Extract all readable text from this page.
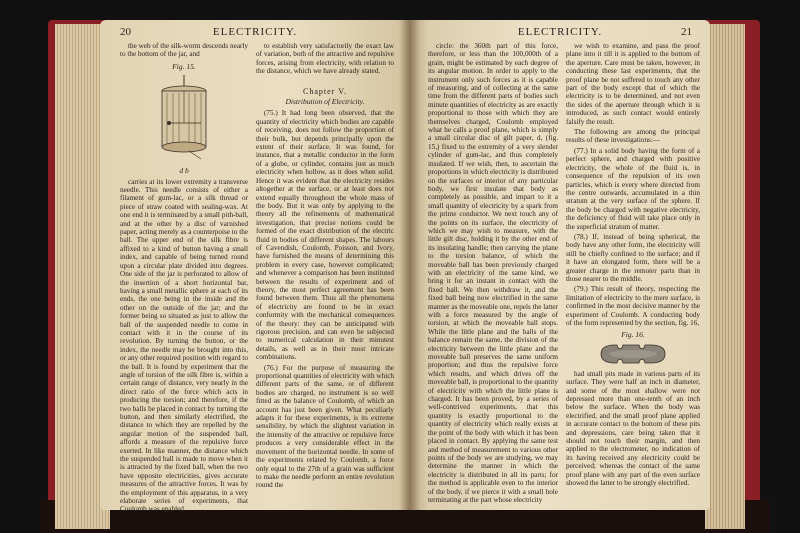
20	ELECTRICITY.

the web of the silk-worm descends nearly to the bottom of the jar, and

Fig. 15.
d b

carries at its lower extremity a transverse needle. This needle consists of either a filament of gum-lac, or a silk thread or piece of straw coated with sealing-wax. At one end it is terminated by a small pith-ball, and at the other by a disc of varnished paper, acting merely as a counterpoise to the ball. The upper end of the silk fibre is affixed to a kind of button having a small index, and capable of being turned round upon a circular plate divided into degrees. One side of the jar is perforated to allow of the insertion of a short horizontal bar, having a small metallic sphere at each of its ends, the one being in the inside and the other on the outside of the jar; and the former being so situated as just to allow the ball of the suspended needle to come in contact with it in the course of its revolution. By turning the button, or the index, the needle may be brought into this, or any other required position with regard to the ball. It is found by experiment that the angle of torsion of the silk fibre is, within a certain range of distance, very nearly in the direct ratio of the force which acts in producing the torsion; and therefore, if the two balls be placed in contact by turning the button, and then similarly electrified, the distance to which they are repelled by the angular motion of the suspended ball, affords a measure of the repulsive force exerted. In like manner, the distance which the suspended ball is made to move when it is attracted by the fixed ball, when the two have opposite electricities, gives accurate measures of the attractive forces. It was by the employment of this apparatus, in a very elaborate series of experiments, that Coulomb was enabled

to establish very satisfactorily the exact law of variation, both of the attractive and repulsive forces, arising from electricity, with relation to the distance, which we have already stated.

Chapter V.
Distribution of Electricity.

(75.) It had long been observed, that the quantity of electricity which bodies are capable of receiving, does not follow the proportion of their bulk, but depends principally upon the extent of their surface. It was found, for instance, that a metallic conductor in the form of a globe, or cylinder, contains just as much electricity when hollow, as it does when solid. Hence it was evident that the electricity resides altogether at the surface, or at least does not extend equally throughout the whole mass of the body. But it was only by applying to the theory all the refinements of mathematical investigation, that precise notions could be formed of the exact distribution of the electric fluid in bodies of different shapes. The labours of Cavendish, Coulomb, Poisson, and Ivory, have furnished the means of determining this problem in every case, however complicated; and whenever a comparison has been instituted between the results of experiment and of theory, the most perfect agreement has been found between them. Thus all the phenomena of electricity are found to be in exact conformity with the mechanical consequences of the theory: they can be anticipated with rigorous precision, and can even be subjected to numerical calculation in their minutest details, as well as in their most intricate combinations.

(76.) For the purpose of measuring the proportional quantities of electricity with which different parts of the same, or of different bodies are charged, no instrument is so well fitted as the balance of Coulomb, of which an account has just been given. What peculiarly adapts it for these experiments, is its extreme sensibility, by which the slightest variation in the intensity of the attractive or repulsive force produces a very considerable effect in the movement of the horizontal needle. In some of the experiments related by Coulomb, a force only equal to the 27th of a grain was sufficient to make the needle perform an entire revolution round the

ELECTRICITY.	21

circle: the 360th part of this force, therefore, or less than the 100,000th of a grain, might be estimated by each degree of its angular motion. In order to apply to the instrument only such forces as it is capable of measuring, and of collecting at the same time from the different parts of bodies such minute quantities of electricity as are exactly proportional to those with which they are themselves charged, Coulomb employed what he calls a proof plane, which is simply a small circular disc of gilt paper, d, (fig. 15,) fixed to the extremity of a very slender cylinder of gum-lac, and thus completely insulated. If we wish, then, to ascertain the proportions in which electricity is distributed on the surfaces or interior of any particular body, we first insulate that body as completely as possible, and impart to it a small quantity of electricity by a spark from the prime conductor. We next touch any of the points on its surface, the electricity of which we may wish to measure, with the little gilt disc, holding it by the other end of its insulating handle; then carrying the plane to the torsion balance, of which the moveable ball has been previously charged with an electricity of the same kind, we bring it for an instant in contact with the fixed ball. We then withdraw it, and the fixed ball being now electrified in the same manner as the moveable one, repels the latter with a force measured by the angle of torsion, at which the moveable ball stops. While the little plane and the balls of the balance remain the same, the division of the electricity between the little plane and the moveable ball preserves the same uniform proportion; and thus the repulsive force which results, and which drives off the moveable ball, is proportional to the quantity of electricity with which the little plane is charged. It has been proved, by a series of well-contrived experiments, that this quantity is exactly proportional to the quantity of electricity which really exists at the point of the body with which it has been placed in contact. By applying the same test and method of measurement to various other points of the body we are studying, we may determine the manner in which the electricity is distributed in all its parts; for the method is applicable even to the interior of the body, if we pierce it with a small hole terminating at the part whose electricity

we wish to examine, and pass the proof plane into it till it is applied to the bottom of the aperture. Care must be taken, however, in conducting these last experiments, that the proof plane be not suffered to touch any other part of the body except that of which the electricity is to be determined, and not even the sides of the aperture through which it is introduced, as such contact would entirely falsify the result.

The following are among the principal results of these investigations:—

(77.) In a solid body having the form of a perfect sphere, and charged with positive electricity, the whole of the fluid is, in consequence of the repulsion of its own particles, which is every where directed from the centre outwards, accumulated in a thin stratum at the very surface of the sphere. If the body be charged with negative electricity, the deficiency of fluid will take place only in the superficial stratum of matter.

(78.) If, instead of being spherical, the body have any other form, the electricity will still be chiefly confined to the surface; and if it have an elongated form, there will be a greater charge in the remoter parts than in those nearer to the middle.

(79.) This result of theory, respecting the limitation of electricity to the mere surface, is confirmed in the most decisive manner by the experiment of Coulomb. A conducting body of the form represented by the section, fig. 16,

Fig. 16.

had small pits made in various parts of its surface. They were half an inch in diameter, and some of the most shallow were not depressed more than one-tenth of an inch below the surface. When the body was electrified, and the small proof plane applied in accurate contact to the bottom of these pits and depressions, care being taken that it should not touch their margin, and then applied to the electrometer, no indication of its having received any electricity could be perceived; whereas the contact of the same proof plane with any part of the even surface showed the latter to be strongly electrified.
